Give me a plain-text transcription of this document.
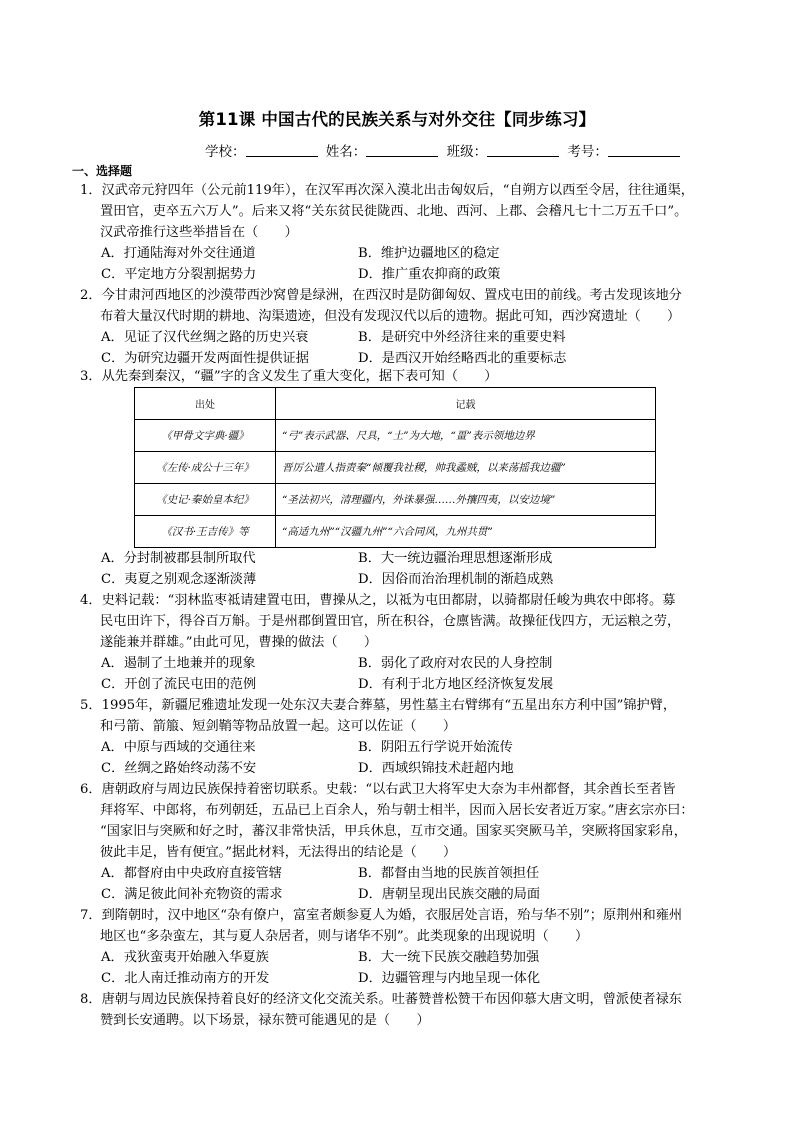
第11课 中国古代的民族关系与对外交往【同步练习】
学校：	姓名：	班级：	考号：
一、选择题
1．汉武帝元狩四年（公元前119年），在汉军再次深入漠北出击匈奴后，“自朔方以西至令居，往往通渠，
置田官，吏卒五六万人”。后来又将“关东贫民徙陇西、北地、西河、上郡、会稽凡七十二万五千口”。
汉武帝推行这些举措旨在（　　）
A．打通陆海对外交往通道	B．维护边疆地区的稳定
C．平定地方分裂割据势力	D．推广重农抑商的政策
2．今甘肃河西地区的沙漠带西沙窝曾是绿洲，在西汉时是防御匈奴、置戍屯田的前线。考古发现该地分
布着大量汉代时期的耕地、沟渠遗迹，但没有发现汉代以后的遗物。据此可知，西沙窝遗址（　　）
A．见证了汉代丝绸之路的历史兴衰	B．是研究中外经济往来的重要史料
C．为研究边疆开发两面性提供证据	D．是西汉开始经略西北的重要标志
3．从先秦到秦汉，“疆”字的含义发生了重大变化，据下表可知（　　）
出处	记载
《甲骨文字典·疆》	“弓”表示武器、尺具，“土”为大地，“畺”表示领地边界
《左传·成公十三年》	晋厉公遣人指责秦“倾覆我社稷，帅我蟊贼，以来荡摇我边疆”
《史记·秦始皇本纪》	“圣法初兴，清理疆内，外诛暴强……外攘四夷，以安边境”
《汉书·王吉传》等	“高适九州”“汉疆九州”“六合同风，九州共贯”
A．分封制被郡县制所取代	B．大一统边疆治理思想逐渐形成
C．夷夏之别观念逐渐淡薄	D．因俗而治治理机制的渐趋成熟
4．史料记载：“羽林监枣祗请建置屯田，曹操从之，以祗为屯田都尉，以骑都尉任峻为典农中郎将。募
民屯田许下，得谷百万斛。于是州郡倒置田官，所在积谷，仓廪皆满。故操征伐四方，无运粮之劳，
遂能兼并群雄。”由此可见，曹操的做法（　　）
A．遏制了土地兼并的现象	B．弱化了政府对农民的人身控制
C．开创了流民屯田的范例	D．有利于北方地区经济恢复发展
5．1995年，新疆尼雅遗址发现一处东汉夫妻合葬墓，男性墓主右臂绑有“五星出东方利中国”锦护臂，
和弓箭、箭箙、短剑鞘等物品放置一起。这可以佐证（　　）
A．中原与西域的交通往来	B．阴阳五行学说开始流传
C．丝绸之路始终动荡不安	D．西域织锦技术赶超内地
6．唐朝政府与周边民族保持着密切联系。史载：“以右武卫大将军史大奈为丰州都督，其余酋长至者皆
拜将军、中郎将，布列朝廷，五品已上百余人，殆与朝士相半，因而入居长安者近万家。”唐玄宗亦曰：
“国家旧与突厥和好之时，蕃汉非常快活，甲兵休息，互市交通。国家买突厥马羊，突厥将国家彩帛，
彼此丰足，皆有便宜。”据此材料，无法得出的结论是（　　）
A．都督府由中央政府直接管辖	B．都督由当地的民族首领担任
C．满足彼此间补充物资的需求	D．唐朝呈现出民族交融的局面
7．到隋朝时，汉中地区“杂有僚户，富室者颇参夏人为婚，衣服居处言语，殆与华不别”；原荆州和雍州
地区也“多杂蛮左，其与夏人杂居者，则与诸华不别”。此类现象的出现说明（　　）
A．戎狄蛮夷开始融入华夏族	B．大一统下民族交融趋势加强
C．北人南迁推动南方的开发	D．边疆管理与内地呈现一体化
8．唐朝与周边民族保持着良好的经济文化交流关系。吐蕃赞普松赞干布因仰慕大唐文明，曾派使者禄东
赞到长安通聘。以下场景，禄东赞可能遇见的是（　　）
